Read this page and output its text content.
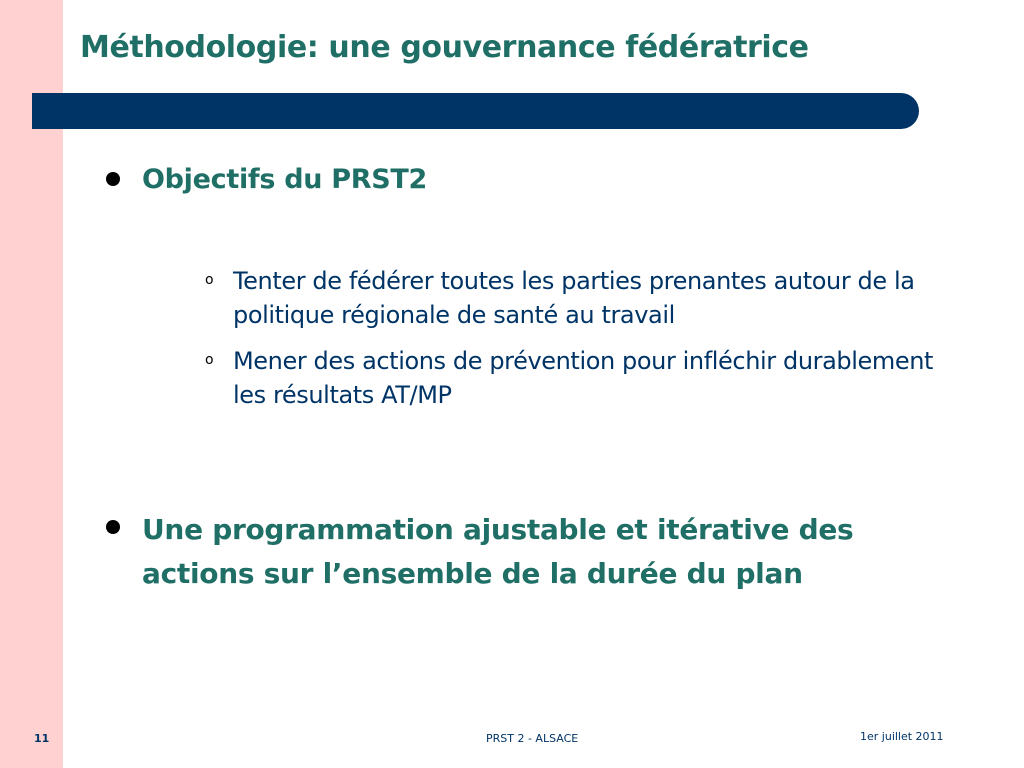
Méthodologie: une gouvernance fédératrice
Objectifs du PRST2
o Tenter de fédérer toutes les parties prenantes autour de la politique régionale de santé au travail
o Mener des actions de prévention pour infléchir durablement les résultats AT/MP
Une programmation ajustable et itérative des actions sur l’ensemble de la durée du plan
11	PRST 2 - ALSACE	1er juillet 2011
